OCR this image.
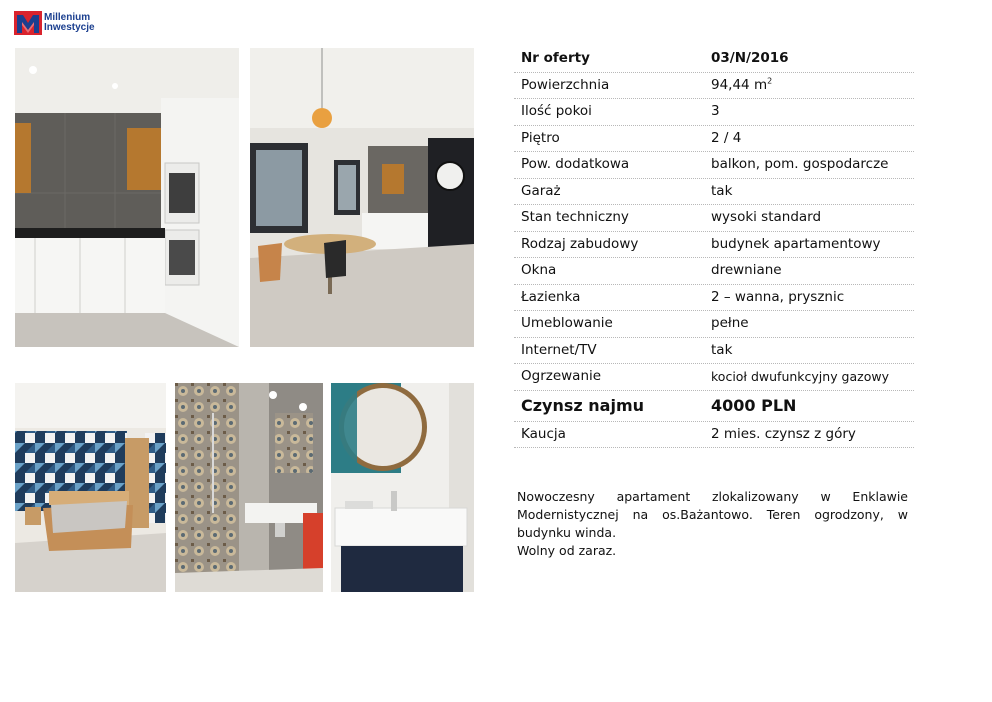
Millenium
Inwestycje
Nr oferty	03/N/2016
Powierzchnia	94,44 $m^2$
Ilość pokoi	3
Piętro	2 / 4
Pow. dodatkowa	balkon, pom. gospodarcze
Garaż	tak
Stan techniczny	wysoki standard
Rodzaj zabudowy	budynek apartamentowy
Okna	drewniane
Łazienka	2 – wanna, prysznic
Umeblowanie	pełne
Internet/TV	tak
Ogrzewanie	kocioł dwufunkcyjny gazowy
Czynsz najmu	4000 PLN
Kaucja	2 mies. czynsz z góry

Nowoczesny apartament zlokalizowany w Enklawie Modernistycznej na os.Bażantowo. Teren ogrodzony, w budynku winda.

Wolny od zaraz.
